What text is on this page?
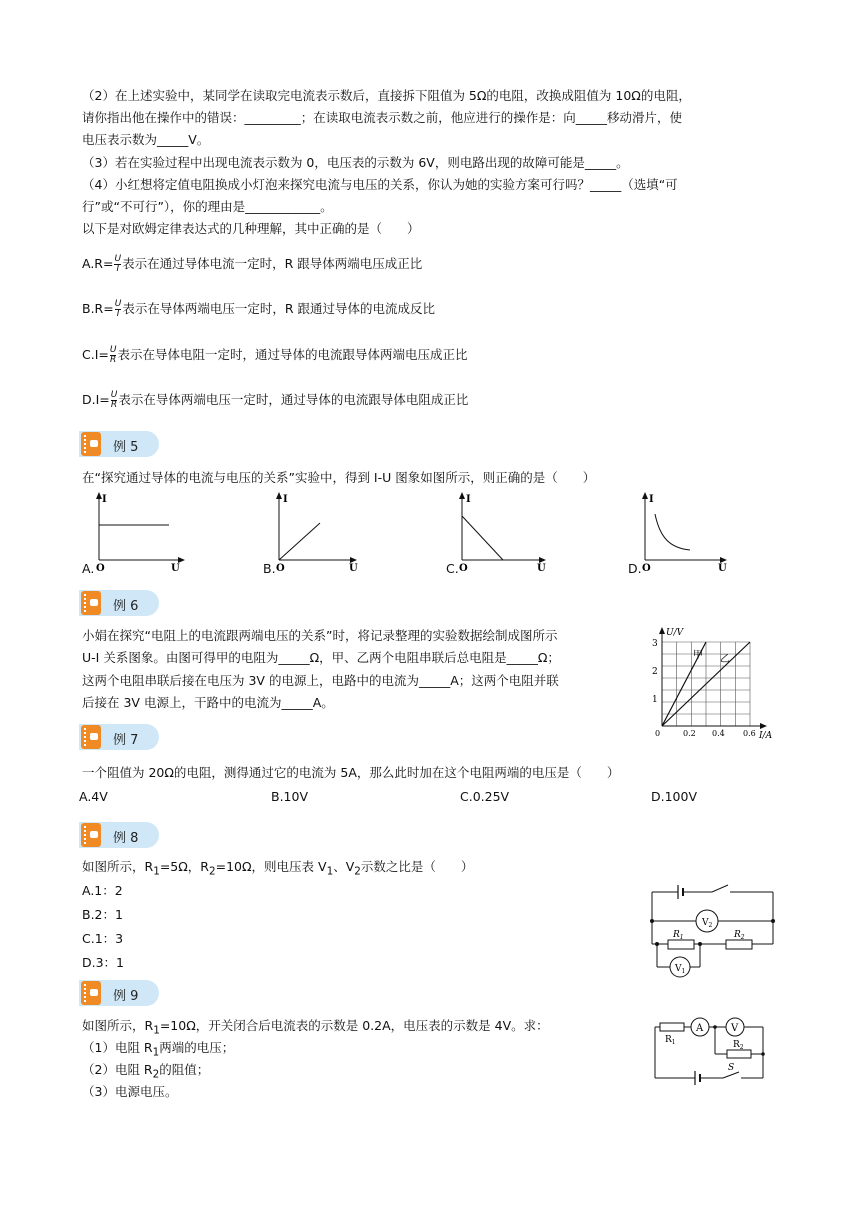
（2）在上述实验中，某同学在读取完电流表示数后，直接拆下阻值为 5Ω的电阻，改换成阻值为 10Ω的电阻，
请你指出他在操作中的错误：_________；在读取电流表示数之前，他应进行的操作是：向_____移动滑片，使
电压表示数为_____V。
（3）若在实验过程中出现电流表示数为 0，电压表的示数为 6V，则电路出现的故障可能是_____。
（4）小红想将定值电阻换成小灯泡来探究电流与电压的关系，你认为她的实验方案可行吗？_____（选填“可
行”或“不可行”），你的理由是____________。
以下是对欧姆定律表达式的几种理解，其中正确的是（　　）
$A.R= \frac{U}{I}$ 表示在通过导体电流一定时，R 跟导体两端电压成正比
$B.R= \frac{U}{I}$ 表示在导体两端电压一定时，R 跟通过导体的电流成反比
$C.I= \frac{U}{R}$ 表示在导体电阻一定时，通过导体的电流跟导体两端电压成正比
$D.I= \frac{U}{R}$ 表示在导体两端电压一定时，通过导体的电流跟导体电阻成正比
例 5
在“探究通过导体的电流与电压的关系”实验中，得到 I-U 图象如图所示，则正确的是（　　）
A.
I
O	U	B.
I
O	U	C.
I
O	U	D.
I
O	U
例 6
小娟在探究“电阻上的电流跟两端电压的关系”时，将记录整理的实验数据绘制成图所示
U-I 关系图象。由图可得甲的电阻为_____Ω，甲、乙两个电阻串联后总电阻是_____Ω；
这两个电阻串联后接在电压为 3V 的电源上，电路中的电流为_____A；这两个电阻并联
后接在 3V 电源上，干路中的电流为_____A。
U/V
3
2
1
0	0.2 0.4 0.6 I/A
甲 乙
例 7
一个阻值为 20Ω的电阻，测得通过它的电流为 5A，那么此时加在这个电阻两端的电压是（　　）
A.4V	B.10V	C.0.25V	D.100V
例 8
如图所示，$R_1=5\Omega$，$R_2=10\Omega$，则电压表 $V_1$、$V_2$示数之比是（　　）
A.1：2
B.2：1
C.1：3
D.3：1
$R_1$	$R_2$
$V_2$
$V_1$
例 9
如图所示，$R_1=10\Omega$，开关闭合后电流表的示数是 0.2A，电压表的示数是 4V。求：
（1）电阻 $R_1$两端的电压；
（2）电阻 $R_2$的阻值；
（3）电源电压。
$R_1$	$R_2$
A	V
S
